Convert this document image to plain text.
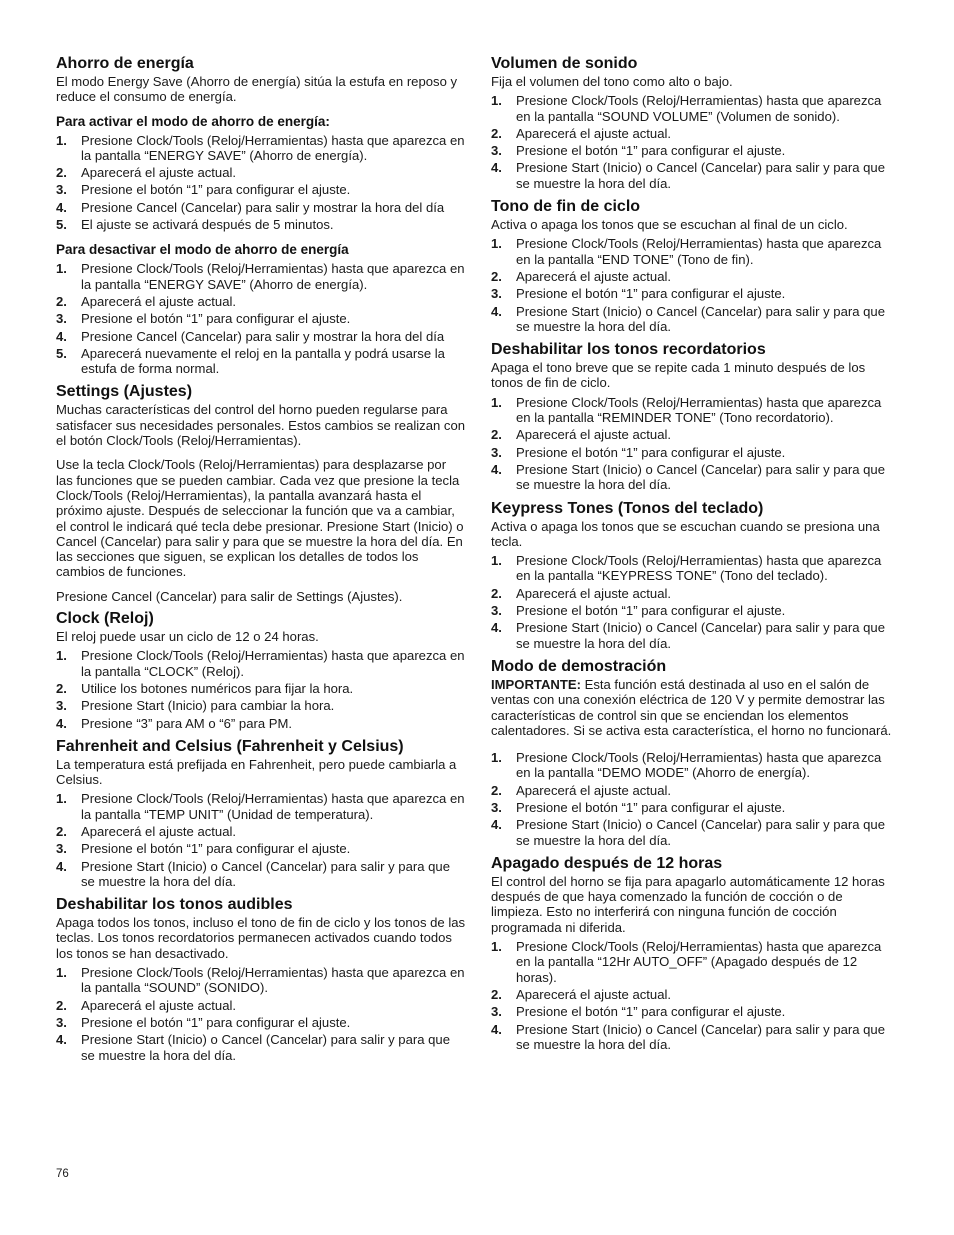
Ahorro de energía

El modo Energy Save (Ahorro de energía) sitúa la estufa en reposo y reduce el consumo de energía.

Para activar el modo de ahorro de energía:
1. Presione Clock/Tools (Reloj/Herramientas) hasta que aparezca en la pantalla “ENERGY SAVE” (Ahorro de energía).
2. Aparecerá el ajuste actual.
3. Presione el botón “1” para configurar el ajuste.
4. Presione Cancel (Cancelar) para salir y mostrar la hora del día
5. El ajuste se activará después de 5 minutos.
Para desactivar el modo de ahorro de energía
1. Presione Clock/Tools (Reloj/Herramientas) hasta que aparezca en la pantalla “ENERGY SAVE” (Ahorro de energía).
2. Aparecerá el ajuste actual.
3. Presione el botón “1” para configurar el ajuste.
4. Presione Cancel (Cancelar) para salir y mostrar la hora del día
5. Aparecerá nuevamente el reloj en la pantalla y podrá usarse la estufa de forma normal.
Settings (Ajustes)

Muchas características del control del horno pueden regularse para satisfacer sus necesidades personales. Estos cambios se realizan con el botón Clock/Tools (Reloj/Herramientas).

Use la tecla Clock/Tools (Reloj/Herramientas) para desplazarse por las funciones que se pueden cambiar. Cada vez que presione la tecla Clock/Tools (Reloj/Herramientas), la pantalla avanzará hasta el próximo ajuste. Después de seleccionar la función que va a cambiar, el control le indicará qué tecla debe presionar. Presione Start (Inicio) o Cancel (Cancelar) para salir y para que se muestre la hora del día. En las secciones que siguen, se explican los detalles de todos los cambios de funciones.

Presione Cancel (Cancelar) para salir de Settings (Ajustes).

Clock (Reloj)

El reloj puede usar un ciclo de 12 o 24 horas.

1. Presione Clock/Tools (Reloj/Herramientas) hasta que aparezca en la pantalla “CLOCK” (Reloj).
2. Utilice los botones numéricos para fijar la hora.
3. Presione Start (Inicio) para cambiar la hora.
4. Presione “3” para AM o “6” para PM.
Fahrenheit and Celsius (Fahrenheit y Celsius)

La temperatura está prefijada en Fahrenheit, pero puede cambiarla a Celsius.

1. Presione Clock/Tools (Reloj/Herramientas) hasta que aparezca en la pantalla “TEMP UNIT” (Unidad de temperatura).
2. Aparecerá el ajuste actual.
3. Presione el botón “1” para configurar el ajuste.
4. Presione Start (Inicio) o Cancel (Cancelar) para salir y para que se muestre la hora del día.
Deshabilitar los tonos audibles

Apaga todos los tonos, incluso el tono de fin de ciclo y los tonos de las teclas. Los tonos recordatorios permanecen activados cuando todos los tonos se han desactivado.

1. Presione Clock/Tools (Reloj/Herramientas) hasta que aparezca en la pantalla “SOUND” (SONIDO).
2. Aparecerá el ajuste actual.
3. Presione el botón “1” para configurar el ajuste.
4. Presione Start (Inicio) o Cancel (Cancelar) para salir y para que se muestre la hora del día.
Volumen de sonido

Fija el volumen del tono como alto o bajo.

1. Presione Clock/Tools (Reloj/Herramientas) hasta que aparezca en la pantalla “SOUND VOLUME” (Volumen de sonido).
2. Aparecerá el ajuste actual.
3. Presione el botón “1” para configurar el ajuste.
4. Presione Start (Inicio) o Cancel (Cancelar) para salir y para que se muestre la hora del día.
Tono de fin de ciclo

Activa o apaga los tonos que se escuchan al final de un ciclo.

1. Presione Clock/Tools (Reloj/Herramientas) hasta que aparezca en la pantalla “END TONE” (Tono de fin).
2. Aparecerá el ajuste actual.
3. Presione el botón “1” para configurar el ajuste.
4. Presione Start (Inicio) o Cancel (Cancelar) para salir y para que se muestre la hora del día.
Deshabilitar los tonos recordatorios

Apaga el tono breve que se repite cada 1 minuto después de los tonos de fin de ciclo.

1. Presione Clock/Tools (Reloj/Herramientas) hasta que aparezca en la pantalla “REMINDER TONE” (Tono recordatorio).
2. Aparecerá el ajuste actual.
3. Presione el botón “1” para configurar el ajuste.
4. Presione Start (Inicio) o Cancel (Cancelar) para salir y para que se muestre la hora del día.
Keypress Tones (Tonos del teclado)

Activa o apaga los tonos que se escuchan cuando se presiona una tecla.

1. Presione Clock/Tools (Reloj/Herramientas) hasta que aparezca en la pantalla “KEYPRESS TONE” (Tono del teclado).
2. Aparecerá el ajuste actual.
3. Presione el botón “1” para configurar el ajuste.
4. Presione Start (Inicio) o Cancel (Cancelar) para salir y para que se muestre la hora del día.
Modo de demostración

IMPORTANTE: Esta función está destinada al uso en el salón de ventas con una conexión eléctrica de 120 V y permite demostrar las características de control sin que se enciendan los elementos calentadores. Si se activa esta característica, el horno no funcionará.

1. Presione Clock/Tools (Reloj/Herramientas) hasta que aparezca en la pantalla “DEMO MODE” (Ahorro de energía).
2. Aparecerá el ajuste actual.
3. Presione el botón “1” para configurar el ajuste.
4. Presione Start (Inicio) o Cancel (Cancelar) para salir y para que se muestre la hora del día.
Apagado después de 12 horas

El control del horno se fija para apagarlo automáticamente 12 horas después de que haya comenzado la función de cocción o de limpieza. Esto no interferirá con ninguna función de cocción programada ni diferida.

1. Presione Clock/Tools (Reloj/Herramientas) hasta que aparezca en la pantalla “12Hr AUTO_OFF” (Apagado después de 12 horas).
2. Aparecerá el ajuste actual.
3. Presione el botón “1” para configurar el ajuste.
4. Presione Start (Inicio) o Cancel (Cancelar) para salir y para que se muestre la hora del día.
76
